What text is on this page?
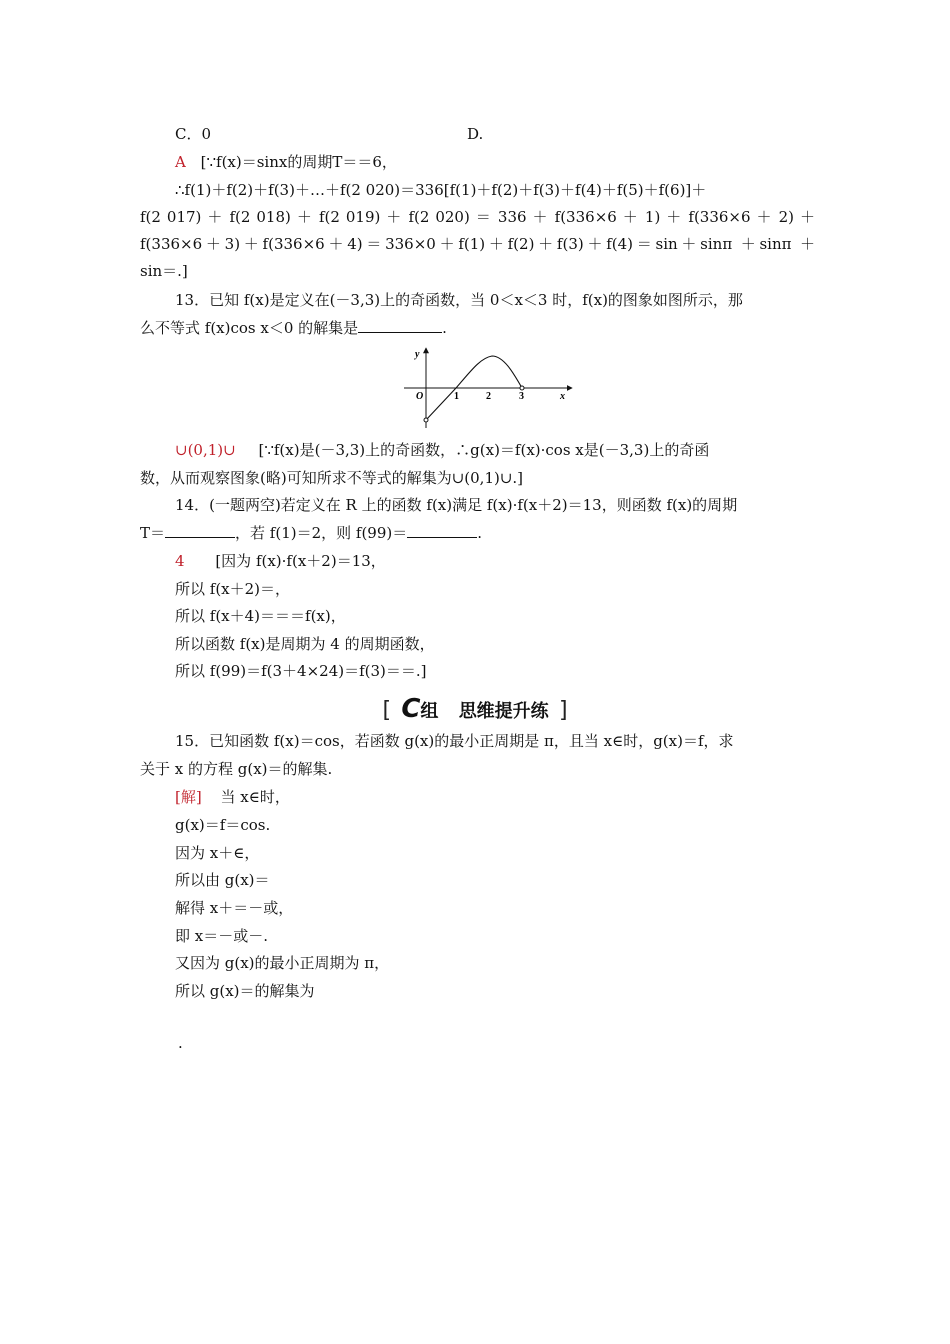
C．0	D.
A [∵f(x)＝sinx的周期T＝＝6，
∴f(1)＋f(2)＋f(3)＋…＋f(2 020)＝336[f(1)＋f(2)＋f(3)＋f(4)＋f(5)＋f(6)]＋
f(2 017) ＋ f(2 018) ＋ f(2 019) ＋ f(2 020) ＝ 336 ＋ f(336×6 ＋ 1) ＋ f(336×6 ＋ 2) ＋
f(336×6＋3)＋f(336×6＋4)＝336×0＋f(1)＋f(2)＋f(3)＋f(4)＝sin＋sinπ ＋sinπ ＋
sin＝.]
13．已知 f(x)是定义在(－3,3)上的奇函数，当 0＜x＜3 时，f(x)的图象如图所示，那
么不等式 f(x)cos x＜0 的解集是	.
y
x
O	1	2	3
∪(0,1)∪ [∵f(x)是(－3,3)上的奇函数，∴g(x)＝f(x)·cos x是(－3,3)上的奇函
数，从而观察图象(略)可知所求不等式的解集为∪(0,1)∪.]
14．(一题两空)若定义在 R 上的函数 f(x)满足 f(x)·f(x＋2)＝13，则函数 f(x)的周期
T＝	，若 f(1)＝2，则 f(99)＝	.
4 [因为 f(x)·f(x＋2)＝13，
所以 f(x＋2)＝，
所以 f(x＋4)＝＝＝f(x)，
所以函数 f(x)是周期为 4 的周期函数，
所以 f(99)＝f(3＋4×24)＝f(3)＝＝.]
[ C组 思维提升练 ]
15．已知函数 f(x)＝cos，若函数 g(x)的最小正周期是 π，且当 x∈时，g(x)＝f，求
关于 x 的方程 g(x)＝的解集.
[解] 当 x∈时，
g(x)＝f＝cos.
因为 x＋∈，
所以由 g(x)＝
解得 x＋＝－或，
即 x＝－或－.
又因为 g(x)的最小正周期为 π，
所以 g(x)＝的解集为
.
